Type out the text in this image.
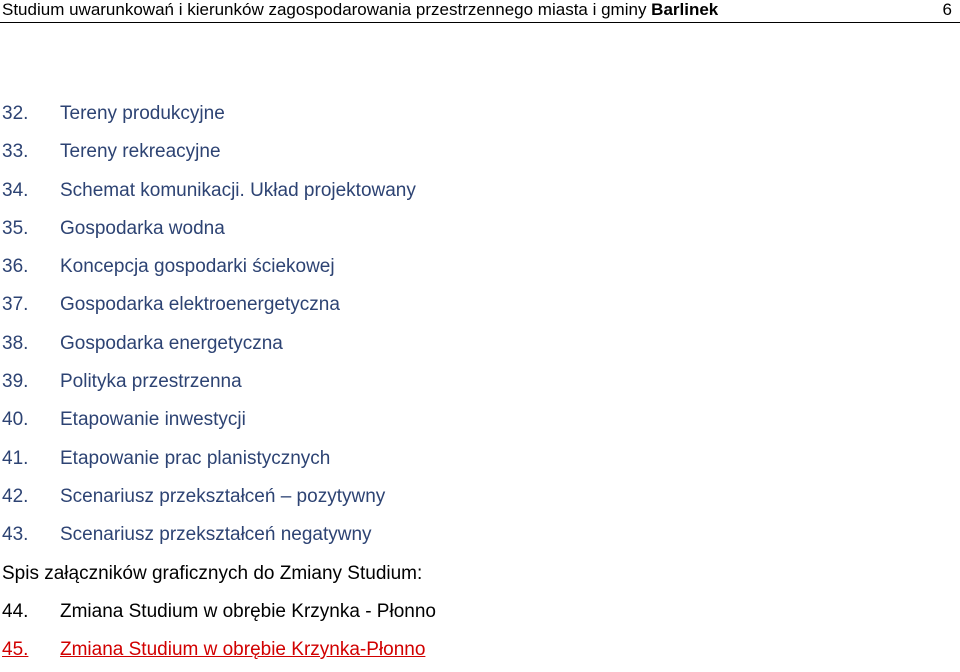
Studium uwarunkowań i kierunków zagospodarowania przestrzennego miasta i gminy Barlinek	6
32.	Tereny produkcyjne
33.	Tereny rekreacyjne
34.	Schemat komunikacji. Układ projektowany
35.	Gospodarka wodna
36.	Koncepcja gospodarki ściekowej
37.	Gospodarka elektroenergetyczna
38.	Gospodarka energetyczna
39.	Polityka przestrzenna
40.	Etapowanie inwestycji
41.	Etapowanie prac planistycznych
42.	Scenariusz przekształceń – pozytywny
43.	Scenariusz przekształceń negatywny
Spis załączników graficznych do Zmiany Studium:
44.	Zmiana Studium w obrębie Krzynka - Płonno
45.	Zmiana Studium w obrębie Krzynka-Płonno
